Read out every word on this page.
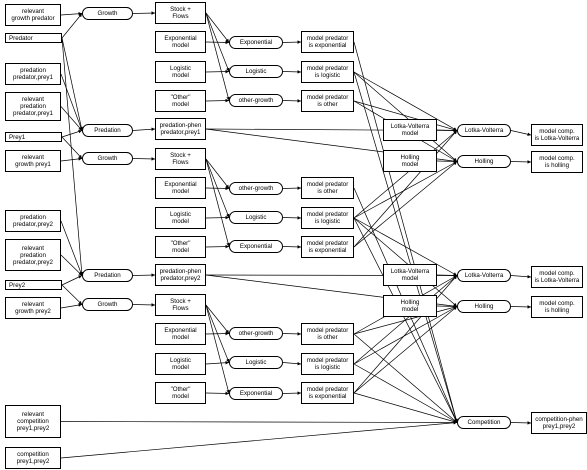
relevant
growth predator
Predator
predation
predator,prey1
relevant
predation
predator,prey1
Prey1
relevant
growth prey1
predation
predator,prey2
relevant
predation
predator,prey2
Prey2
relevant
growth prey2
relevant
competition
prey1,prey2
competition
prey1,prey2
Growth
Predation
Growth
Predation
Growth
Stock +
Flows
Exponential
model
Logistic
model
"Other"
model
predation-phen
predator,prey1
Stock +
Flows
Exponential
model
Logistic
model
"Other"
model
predation-phen
predator,prey2
Stock +
Flows
Exponential
model
Logistic
model
"Other"
model
Exponential
Logistic
other-growth
other-growth
Logistic
Exponential
other-growth
Logistic
Exponential
model predator
is exponential
model predator
is logistic
model predator
is other
model predator
is other
model predator
is logistic
model predator
is exponential
model predator
is other
model predator
is logistic
model predator
is exponential
Lotka-Volterra
model
Holling
model
Lotka-Volterra
model
Holling
model
Lotka-Volterra
Holling
Lotka-Volterra
Holling
Competition
model comp.
is Lotka-Volterra
model comp.
is holling
model comp.
is Lotka-Volterra
model comp.
is holling
competition-phen
prey1,prey2
